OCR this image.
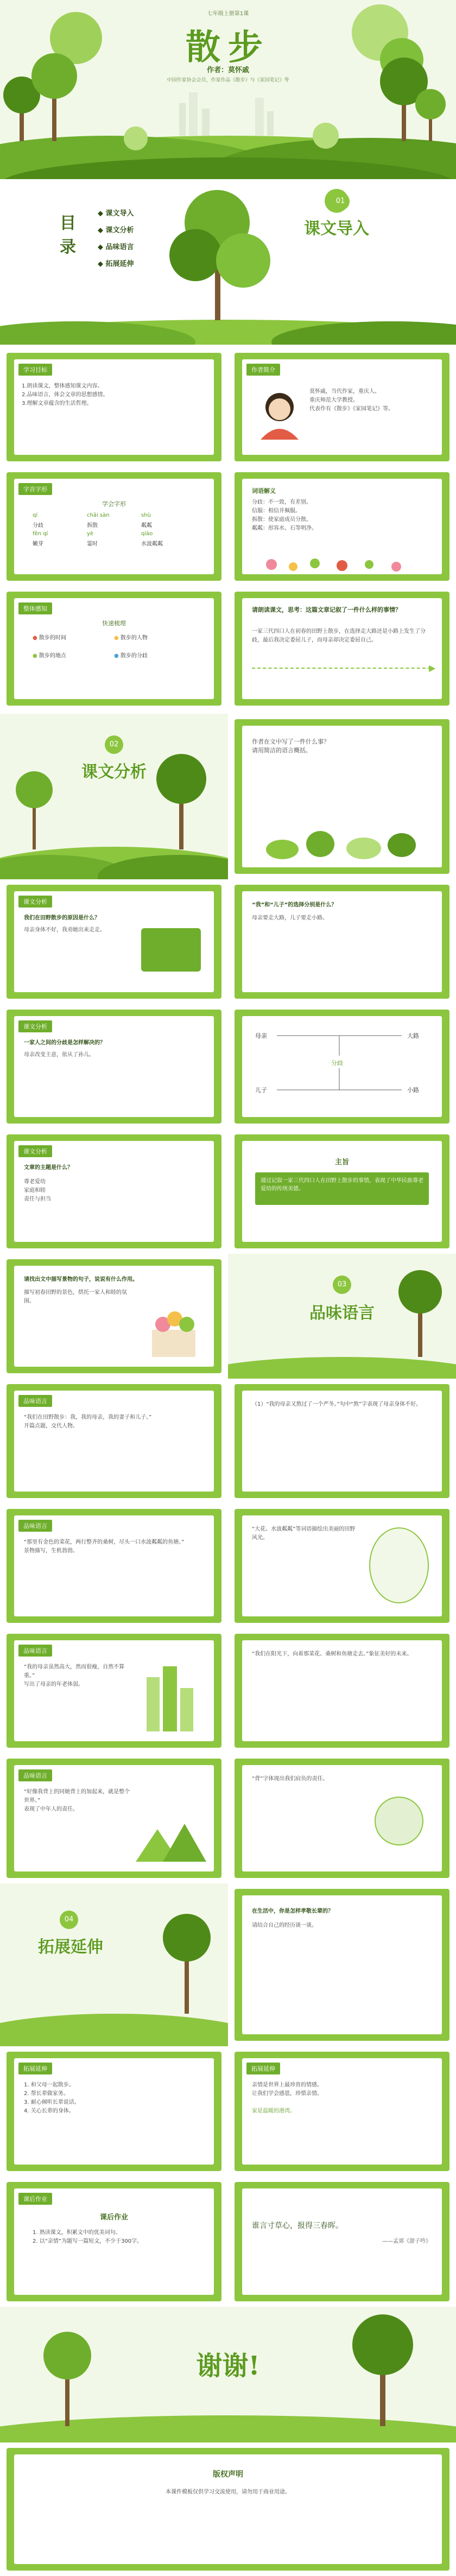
七年级上册第1课
散步
作者：莫怀戚
中国作家协会会员，作家作品《散步》与《家园笔记》等
目录
◆ 课文导入
◆ 课文分析
◆ 品味语言
◆ 拓展延伸
01
课文导入
学习目标
1.朗读课文，整体感知课文内容。
2.品味语言，体会文章的思想感情。
3.理解文章蕴含的生活哲理。
作者简介
莫怀戚，当代作家，重庆人。
重庆师范大学教授。
代表作有《散步》《家园笔记》等。
字音字形
学会字形
qí	chāi sàn	shù
分歧	拆散	粼粼
fēn qí	yè	qiào
嫩芽	霎时	水波粼粼
词语解义
分歧：不一致，有差别。
信服：相信并佩服。
拆散：使家庭成员分散。
粼粼：形容水、石等明净。
整体感知
快速梳理
● 散步的时间	● 散步的人物
● 散步的地点	● 散步的分歧
请朗读课文，思考：这篇文章记叙了一件什么样的事情？
一家三代四口人在初春的田野上散步，在选择走大路还是小路上发生了分歧，最后我决定委屈儿子，而母亲却决定委屈自己。
▶
02
课文分析
作者在文中写了一件什么事？
请用简洁的语言概括。
课文分析
我们在田野散步的原因是什么？
母亲身体不好，我劝她出来走走。
“我”和“儿子”的选择分别是什么？
母亲要走大路，儿子要走小路。
课文分析
一家人之间的分歧是怎样解决的？
母亲改变主意，依从了孙儿。
母亲
儿子
大路
小路
分歧
课文分析
文章的主题是什么？
尊老爱幼
家庭和睦
责任与担当
主旨
通过记叙一家三代四口人在田野上散步的事情，表现了中华民族尊老爱幼的传统美德。
请找出文中描写景物的句子，说说有什么作用。
描写初春田野的景色，烘托一家人和睦的氛围。
03
品味语言
品味语言
“我们在田野散步：我，我的母亲，我的妻子和儿子。”
开篇点题，交代人物。
（1）“我的母亲又熬过了一个严冬。”句中“熬”字表现了母亲身体不好。
品味语言
“那里有金色的菜花，两行整齐的桑树，尽头一口水波粼粼的鱼塘。”
景物描写，生机勃勃。
“大花、水波粼粼”等词语描绘出美丽的田野风光。
品味语言
“我的母亲虽然高大，然而很瘦，自然不算重。”
写出了母亲的年老体弱。
“我们在阳光下，向着那菜花、桑树和鱼塘走去。”象征美好的未来。
品味语言
“好像我背上的同她背上的加起来，就是整个世界。”
表现了中年人的责任。
“背”字体现出我们肩负的责任。
04
拓展延伸
在生活中，你是怎样孝敬长辈的？
请结合自己的经历谈一谈。
拓展延伸
1. 和父母一起散步。
2. 帮长辈做家务。
3. 耐心倾听长辈说话。
4. 关心长辈的身体。
拓展延伸
亲情是世界上最珍贵的情感。
让我们学会感恩，珍惜亲情。
家是温暖的港湾。
课后作业
课后作业
1. 熟读课文，积累文中的优美词句。
2. 以“亲情”为题写一篇短文，不少于300字。
谁言寸草心，报得三春晖。
——孟郊《游子吟》
谢谢!
版权声明
本课件模板仅供学习交流使用，请勿用于商业用途。
